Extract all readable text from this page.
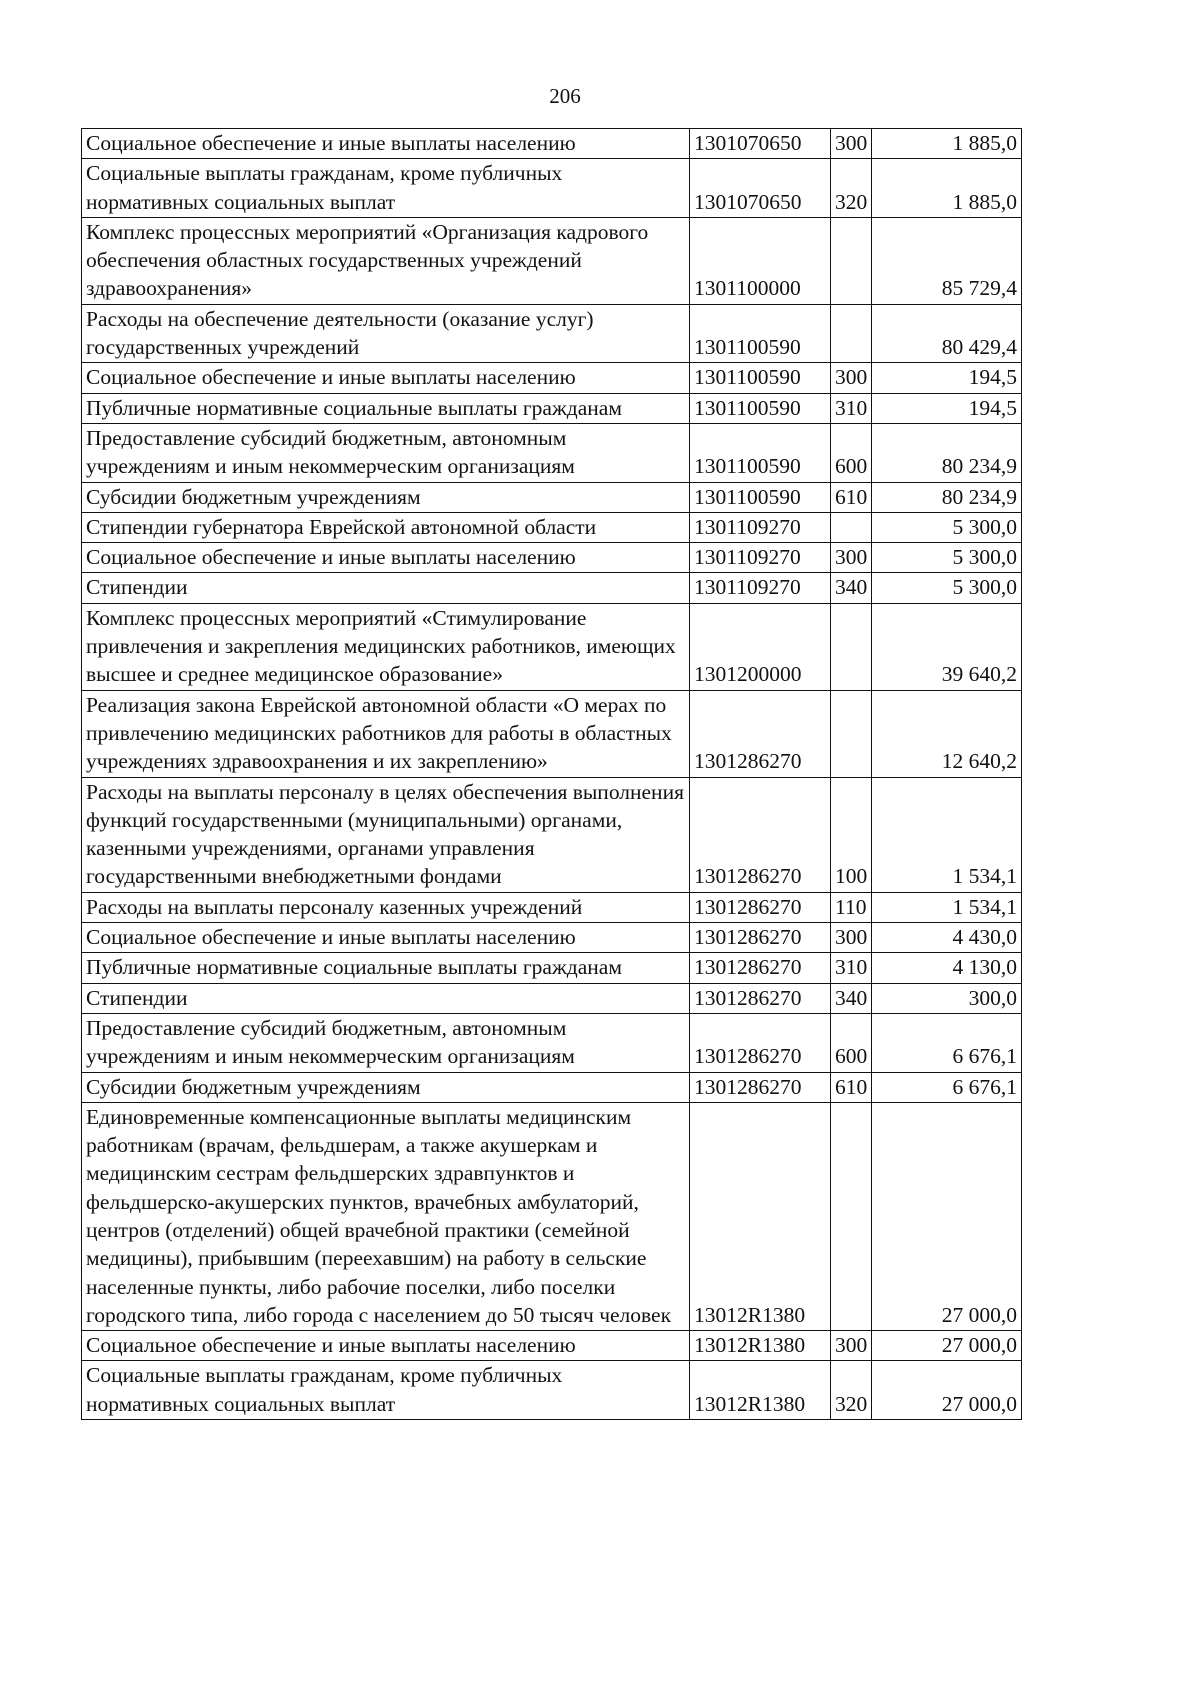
206
Социальное обеспечение и иные выплаты населению	1301070650	300	1 885,0
Социальные выплаты гражданам, кроме публичных нормативных социальных выплат	1301070650	320	1 885,0
Комплекс процессных мероприятий «Организация кадрового обеспечения областных государственных учреждений здравоохранения»	1301100000		85 729,4
Расходы на обеспечение деятельности (оказание услуг) государственных учреждений	1301100590		80 429,4
Социальное обеспечение и иные выплаты населению	1301100590	300	194,5
Публичные нормативные социальные выплаты гражданам	1301100590	310	194,5
Предоставление субсидий бюджетным, автономным учреждениям и иным некоммерческим организациям	1301100590	600	80 234,9
Субсидии бюджетным учреждениям	1301100590	610	80 234,9
Стипендии губернатора Еврейской автономной области	1301109270		5 300,0
Социальное обеспечение и иные выплаты населению	1301109270	300	5 300,0
Стипендии	1301109270	340	5 300,0
Комплекс процессных мероприятий «Стимулирование привлечения и закрепления медицинских работников, имеющих высшее и среднее медицинское образование»	1301200000		39 640,2
Реализация закона Еврейской автономной области «О мерах по привлечению медицинских работников для работы в областных учреждениях здравоохранения и их закреплению»	1301286270		12 640,2
Расходы на выплаты персоналу в целях обеспечения выполнения функций государственными (муниципальными) органами, казенными учреждениями, органами управления государственными внебюджетными фондами	1301286270	100	1 534,1
Расходы на выплаты персоналу казенных учреждений	1301286270	110	1 534,1
Социальное обеспечение и иные выплаты населению	1301286270	300	4 430,0
Публичные нормативные социальные выплаты гражданам	1301286270	310	4 130,0
Стипендии	1301286270	340	300,0
Предоставление субсидий бюджетным, автономным учреждениям и иным некоммерческим организациям	1301286270	600	6 676,1
Субсидии бюджетным учреждениям	1301286270	610	6 676,1
Единовременные компенсационные выплаты медицинским работникам (врачам, фельдшерам, а также акушеркам и медицинским сестрам фельдшерских здравпунктов и фельдшерско-акушерских пунктов, врачебных амбулаторий, центров (отделений) общей врачебной практики (семейной медицины), прибывшим (переехавшим) на работу в сельские населенные пункты, либо рабочие поселки, либо поселки городского типа, либо города с населением до 50 тысяч человек	13012R1380		27 000,0
Социальное обеспечение и иные выплаты населению	13012R1380	300	27 000,0
Социальные выплаты гражданам, кроме публичных нормативных социальных выплат	13012R1380	320	27 000,0
